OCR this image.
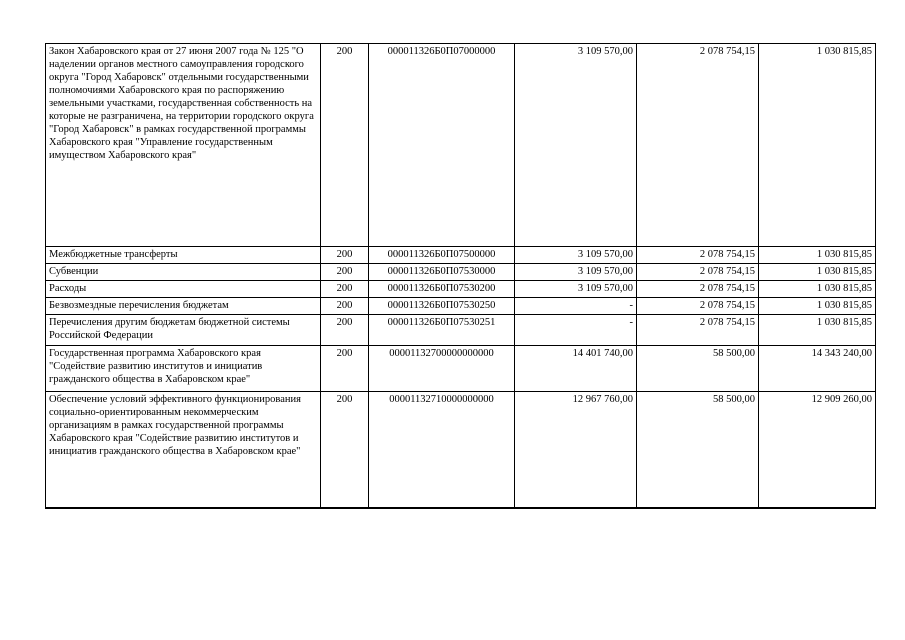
Закон Хабаровского края от 27 июня 2007 года № 125 "О наделении органов местного самоуправления городского округа "Город Хабаровск" отдельными государственными полномочиями Хабаровского края по распоряжению земельными участками, государственная собственность на которые не разграничена, на территории городского округа "Город Хабаровск" в рамках государственной программы Хабаровского края "Управление государственным имуществом Хабаровского края"	200	000011326Б0П07000000	3 109 570,00	2 078 754,15	1 030 815,85
Межбюджетные трансферты	200	000011326Б0П07500000	3 109 570,00	2 078 754,15	1 030 815,85
Субвенции	200	000011326Б0П07530000	3 109 570,00	2 078 754,15	1 030 815,85
Расходы	200	000011326Б0П07530200	3 109 570,00	2 078 754,15	1 030 815,85
Безвозмездные перечисления бюджетам	200	000011326Б0П07530250	-	2 078 754,15	1 030 815,85
Перечисления другим бюджетам бюджетной системы Российской Федерации	200	000011326Б0П07530251	-	2 078 754,15	1 030 815,85
Государственная программа Хабаровского края "Содействие развитию институтов и инициатив гражданского общества в Хабаровском крае"	200	00001132700000000000	14 401 740,00	58 500,00	14 343 240,00
Обеспечение условий эффективного функционирования социально-ориентированным некоммерческим организациям в рамках государственной программы Хабаровского края "Содействие развитию институтов и инициатив гражданского общества в Хабаровском крае"	200	00001132710000000000	12 967 760,00	58 500,00	12 909 260,00
